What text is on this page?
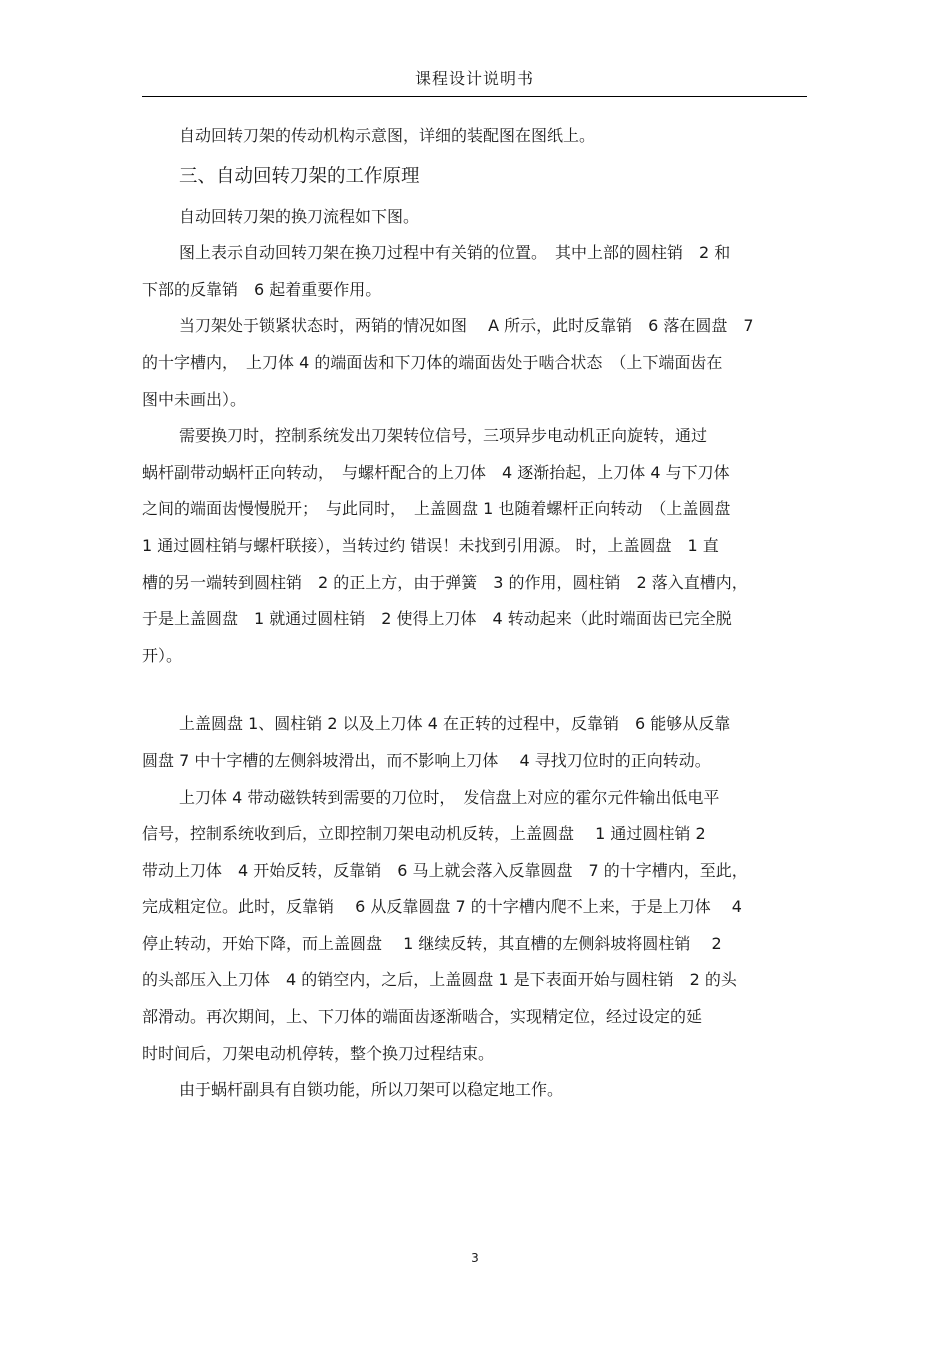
课程设计说明书
自动回转刀架的传动机构示意图，详细的装配图在图纸上。
三、自动回转刀架的工作原理
自动回转刀架的换刀流程如下图。
图上表示自动回转刀架在换刀过程中有关销的位置。　其中上部的圆柱销　2 和
下部的反靠销　6 起着重要作用。
当刀架处于锁紧状态时，两销的情况如图　 A 所示，此时反靠销　6 落在圆盘　7
的十字槽内，　上刀体 4 的端面齿和下刀体的端面齿处于啮合状态　（上下端面齿在
图中未画出）。
需要换刀时，控制系统发出刀架转位信号，三项异步电动机正向旋转，通过
蜗杆副带动蜗杆正向转动，　与螺杆配合的上刀体　4 逐渐抬起，上刀体 4 与下刀体
之间的端面齿慢慢脱开；　与此同时，　上盖圆盘 1 也随着螺杆正向转动　（上盖圆盘
1 通过圆柱销与螺杆联接），当转过约 错误！未找到引用源。 时，上盖圆盘　1 直
槽的另一端转到圆柱销　2 的正上方，由于弹簧　3 的作用，圆柱销　2 落入直槽内，
于是上盖圆盘　1 就通过圆柱销　2 使得上刀体　4 转动起来（此时端面齿已完全脱
开）。
上盖圆盘 1、圆柱销 2 以及上刀体 4 在正转的过程中，反靠销　6 能够从反靠
圆盘 7 中十字槽的左侧斜坡滑出，而不影响上刀体　 4 寻找刀位时的正向转动。
上刀体 4 带动磁铁转到需要的刀位时，　发信盘上对应的霍尔元件输出低电平
信号，控制系统收到后，立即控制刀架电动机反转，上盖圆盘　 1 通过圆柱销 2
带动上刀体　4 开始反转，反靠销　6 马上就会落入反靠圆盘　7 的十字槽内，至此，
完成粗定位。此时，反靠销　 6 从反靠圆盘 7 的十字槽内爬不上来，于是上刀体　 4
停止转动，开始下降，而上盖圆盘　 1 继续反转，其直槽的左侧斜坡将圆柱销　 2
的头部压入上刀体　4 的销空内，之后，上盖圆盘 1 是下表面开始与圆柱销　2 的头
部滑动。再次期间，上、下刀体的端面齿逐渐啮合，实现精定位，经过设定的延
时时间后，刀架电动机停转，整个换刀过程结束。
由于蜗杆副具有自锁功能，所以刀架可以稳定地工作。
3
